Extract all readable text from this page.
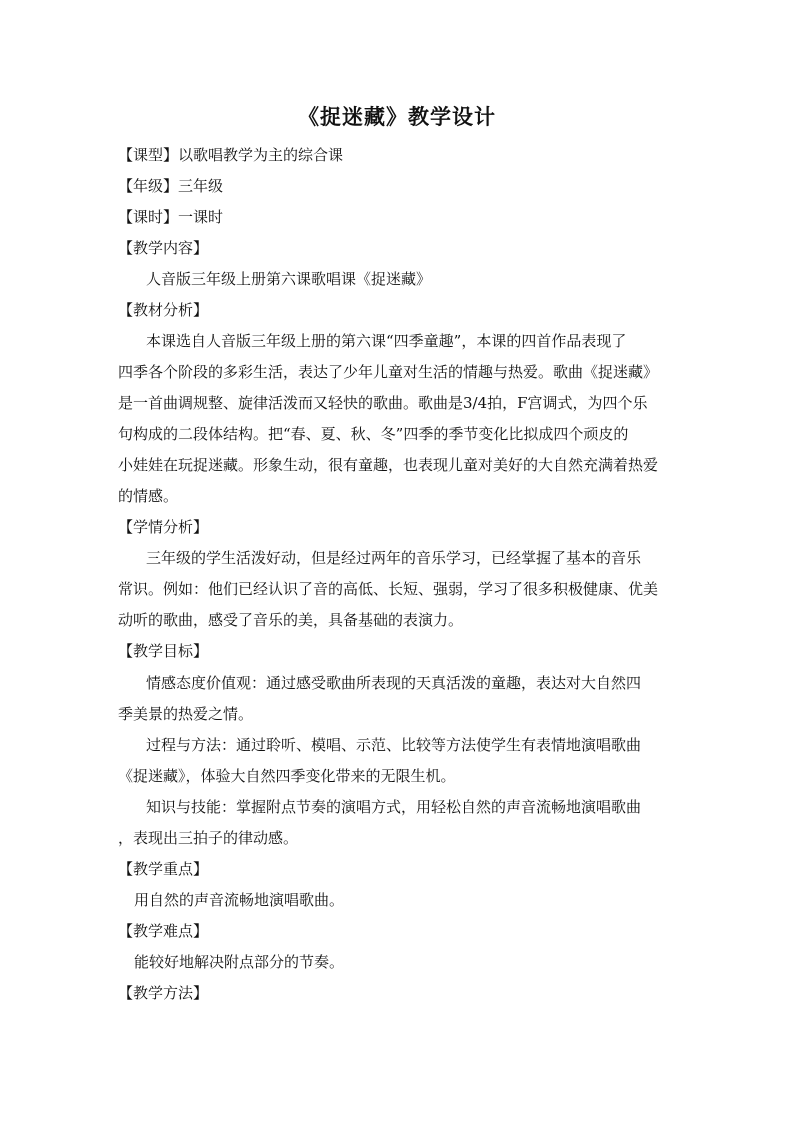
《捉迷藏》教学设计
【课型】以歌唱教学为主的综合课
【年级】三年级
【课时】一课时
【教学内容】
人音版三年级上册第六课歌唱课《捉迷藏》
【教材分析】
本课选自人音版三年级上册的第六课“四季童趣”，本课的四首作品表现了
四季各个阶段的多彩生活，表达了少年儿童对生活的情趣与热爱。歌曲《捉迷藏》
是一首曲调规整、旋律活泼而又轻快的歌曲。歌曲是3/4拍，F宫调式，为四个乐
句构成的二段体结构。把“春、夏、秋、冬”四季的季节变化比拟成四个顽皮的
小娃娃在玩捉迷藏。形象生动，很有童趣，也表现儿童对美好的大自然充满着热爱
的情感。
【学情分析】
三年级的学生活泼好动，但是经过两年的音乐学习，已经掌握了基本的音乐
常识。例如：他们已经认识了音的高低、长短、强弱，学习了很多积极健康、优美
动听的歌曲，感受了音乐的美，具备基础的表演力。
【教学目标】
情感态度价值观：通过感受歌曲所表现的天真活泼的童趣，表达对大自然四
季美景的热爱之情。
过程与方法：通过聆听、模唱、示范、比较等方法使学生有表情地演唱歌曲
《捉迷藏》，体验大自然四季变化带来的无限生机。
知识与技能：掌握附点节奏的演唱方式，用轻松自然的声音流畅地演唱歌曲
，表现出三拍子的律动感。
【教学重点】
用自然的声音流畅地演唱歌曲。
【教学难点】
能较好地解决附点部分的节奏。
【教学方法】
